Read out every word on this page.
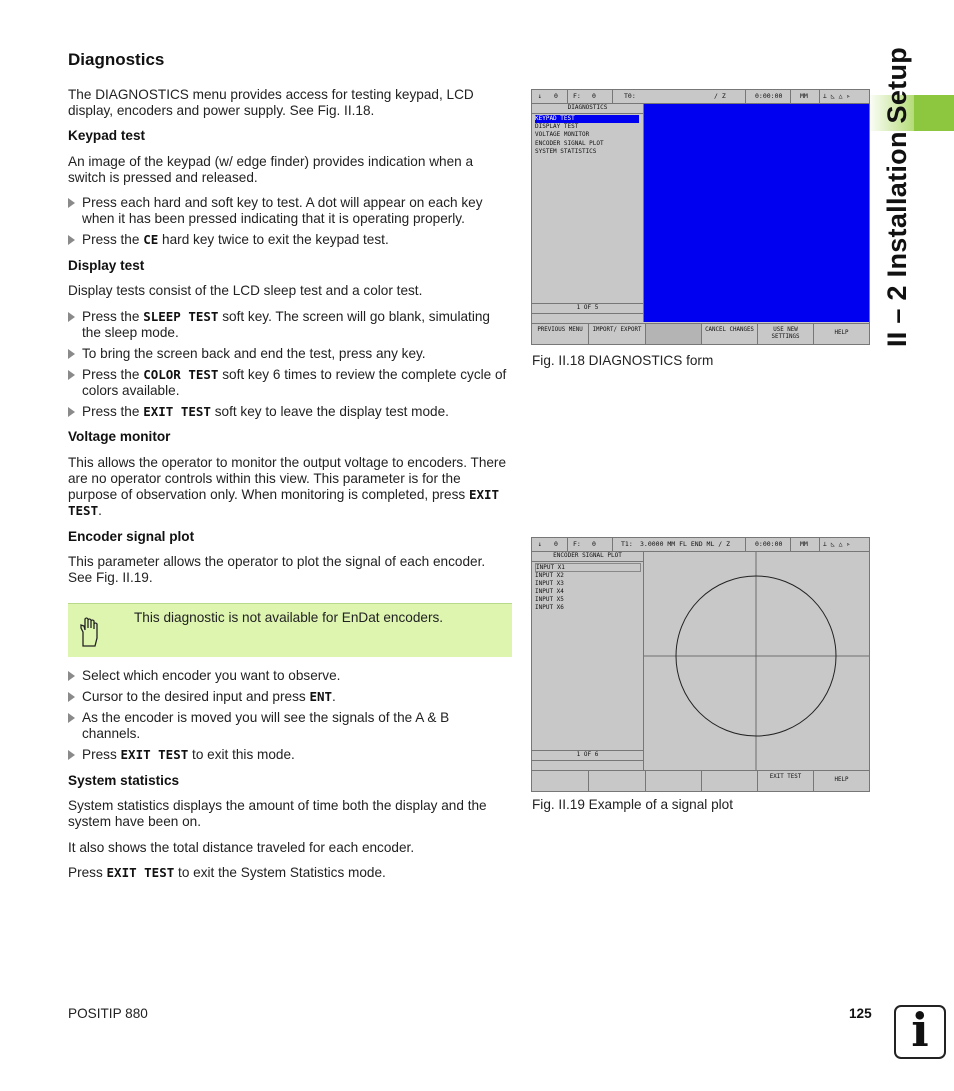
II – 2 Installation Setup
Diagnostics
The DIAGNOSTICS menu provides access for testing keypad, LCD display, encoders and power supply. See Fig. II.18.
Keypad test
An image of the keypad (w/ edge finder) provides indication when a switch is pressed and released.
Press each hard and soft key to test. A dot will appear on each key when it has been pressed indicating that it is operating properly.
Press the CE hard key twice to exit the keypad test.
Display test
Display tests consist of the LCD sleep test and a color test.
Press the SLEEP TEST soft key. The screen will go blank, simulating the sleep mode.
To bring the screen back and end the test, press any key.
Press the COLOR TEST soft key 6 times to review the complete cycle of colors available.
Press the EXIT TEST soft key to leave the display test mode.
Voltage monitor
This allows the operator to monitor the output voltage to encoders. There are no operator controls within this view. This parameter is for the purpose of observation only. When monitoring is completed, press EXIT TEST.
Encoder signal plot
This parameter allows the operator to plot the signal of each encoder. See Fig. II.19.
This diagnostic is not available for EnDat encoders.
Select which encoder you want to observe.
Cursor to the desired input and press ENT.
As the encoder is moved you will see the signals of the A & B channels.
Press EXIT TEST to exit this mode.
System statistics
System statistics displays the amount of time both the display and the system have been on.
It also shows the total distance traveled for each encoder.
Press EXIT TEST to exit the System Statistics mode.
↓ 0 F: 0	T0:	/ Z	0:00:00	MM ⊥ ◺ △ ▹
DIAGNOSTICS
KEYPAD TEST
DISPLAY TEST
VOLTAGE MONITOR
ENCODER SIGNAL PLOT
SYSTEM STATISTICS
1 OF 5
PREVIOUS MENU	IMPORT/ EXPORT	CANCEL CHANGES	USE NEW SETTINGS
HELP
Fig. II.18 DIAGNOSTICS form
↓ 0 F: 0	T1: 3.0000 MM FL END ML / Z	0:00:00	MM ⊥ ◺ △ ▹
ENCODER SIGNAL PLOT
INPUT X1
INPUT X2
INPUT X3
INPUT X4
INPUT X5
INPUT X6
1 OF 6
EXIT TEST	HELP
Fig. II.19 Example of a signal plot
POSITIP 880	125 i
